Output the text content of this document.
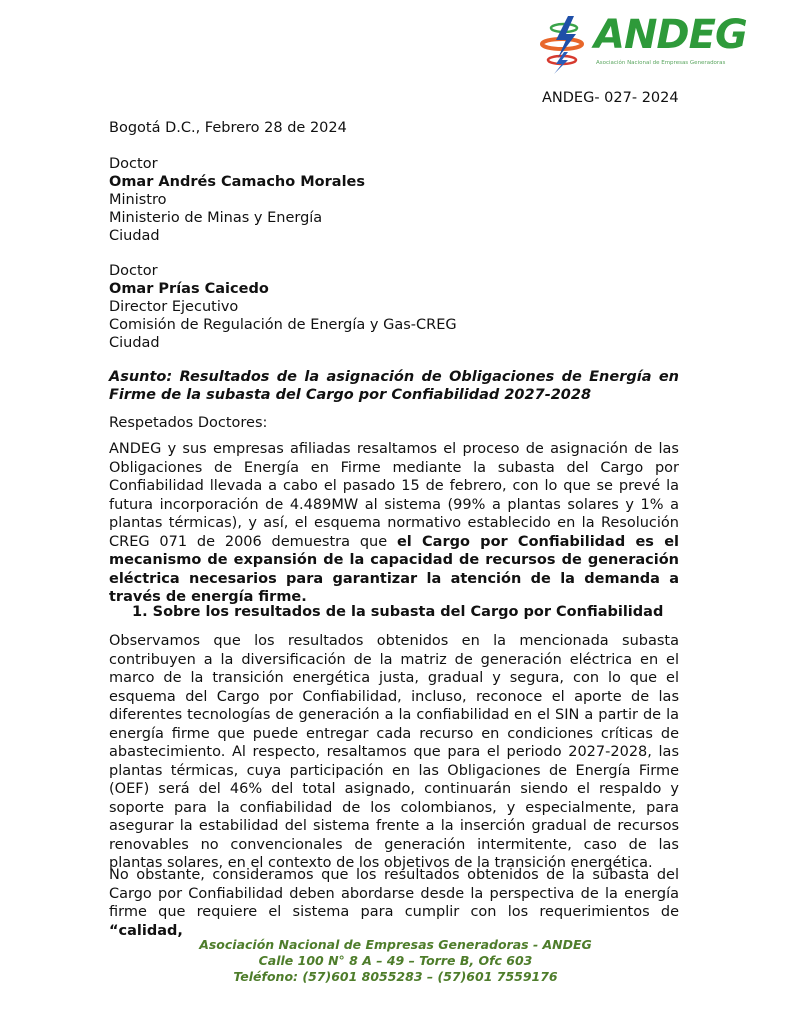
ANDEG
Asociación Nacional de Empresas Generadoras
ANDEG- 027- 2024
Bogotá D.C., Febrero 28 de 2024
Doctor
Omar Andrés Camacho Morales
Ministro
Ministerio de Minas y Energía
Ciudad
Doctor
Omar Prías Caicedo
Director Ejecutivo
Comisión de Regulación de Energía y Gas-CREG
Ciudad
Asunto: Resultados de la asignación de Obligaciones de Energía en Firme de la subasta del Cargo por Confiabilidad 2027-2028
Respetados Doctores:
ANDEG y sus empresas afiliadas resaltamos el proceso de asignación de las Obligaciones de Energía en Firme mediante la subasta del Cargo por Confiabilidad llevada a cabo el pasado 15 de febrero, con lo que se prevé la futura incorporación de 4.489MW al sistema (99% a plantas solares y 1% a plantas térmicas), y así, el esquema normativo establecido en la Resolución CREG 071 de 2006 demuestra que el Cargo por Confiabilidad es el mecanismo de expansión de la capacidad de recursos de generación eléctrica necesarios para garantizar la atención de la demanda a través de energía firme.
1. Sobre los resultados de la subasta del Cargo por Confiabilidad
Observamos que los resultados obtenidos en la mencionada subasta contribuyen a la diversificación de la matriz de generación eléctrica en el marco de la transición energética justa, gradual y segura, con lo que el esquema del Cargo por Confiabilidad, incluso, reconoce el aporte de las diferentes tecnologías de generación a la confiabilidad en el SIN a partir de la energía firme que puede entregar cada recurso en condiciones críticas de abastecimiento. Al respecto, resaltamos que para el periodo 2027-2028, las plantas térmicas, cuya participación en las Obligaciones de Energía Firme (OEF) será del 46% del total asignado, continuarán siendo el respaldo y soporte para la confiabilidad de los colombianos, y especialmente, para asegurar la estabilidad del sistema frente a la inserción gradual de recursos renovables no convencionales de generación intermitente, caso de las plantas solares, en el contexto de los objetivos de la transición energética.
No obstante, consideramos que los resultados obtenidos de la subasta del Cargo por Confiabilidad deben abordarse desde la perspectiva de la energía firme que requiere el sistema para cumplir con los requerimientos de “calidad,
Asociación Nacional de Empresas Generadoras - ANDEG
Calle 100 N° 8 A – 49 – Torre B, Ofc 603
Teléfono: (57)601 8055283 – (57)601 7559176
